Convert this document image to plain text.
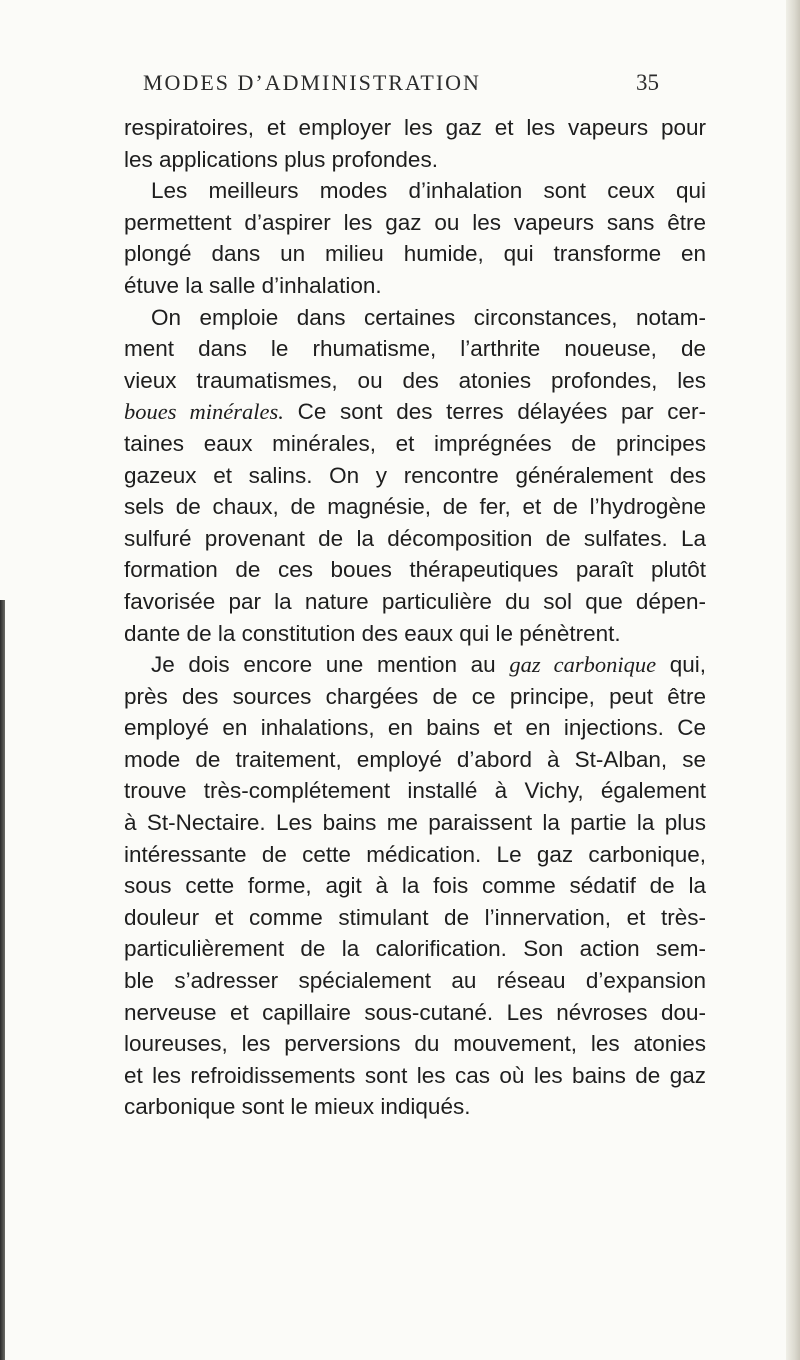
MODES D’ADMINISTRATION	35
respiratoires, et employer les gaz et les vapeurs pour
les applications plus profondes.
Les meilleurs modes d’inhalation sont ceux qui
permettent d’aspirer les gaz ou les vapeurs sans être
plongé dans un milieu humide, qui transforme en
étuve la salle d’inhalation.
On emploie dans certaines circonstances, notam-
ment dans le rhumatisme, l’arthrite noueuse, de
vieux traumatismes, ou des atonies profondes, les
boues minérales. Ce sont des terres délayées par cer-
taines eaux minérales, et imprégnées de principes
gazeux et salins. On y rencontre généralement des
sels de chaux, de magnésie, de fer, et de l’hydrogène
sulfuré provenant de la décomposition de sulfates. La
formation de ces boues thérapeutiques paraît plutôt
favorisée par la nature particulière du sol que dépen-
dante de la constitution des eaux qui le pénètrent.
Je dois encore une mention au gaz carbonique qui,
près des sources chargées de ce principe, peut être
employé en inhalations, en bains et en injections. Ce
mode de traitement, employé d’abord à St-Alban, se
trouve très-complétement installé à Vichy, également
à St-Nectaire. Les bains me paraissent la partie la plus
intéressante de cette médication. Le gaz carbonique,
sous cette forme, agit à la fois comme sédatif de la
douleur et comme stimulant de l’innervation, et très-
particulièrement de la calorification. Son action sem-
ble s’adresser spécialement au réseau d’expansion
nerveuse et capillaire sous-cutané. Les névroses dou-
loureuses, les perversions du mouvement, les atonies
et les refroidissements sont les cas où les bains de gaz
carbonique sont le mieux indiqués.
